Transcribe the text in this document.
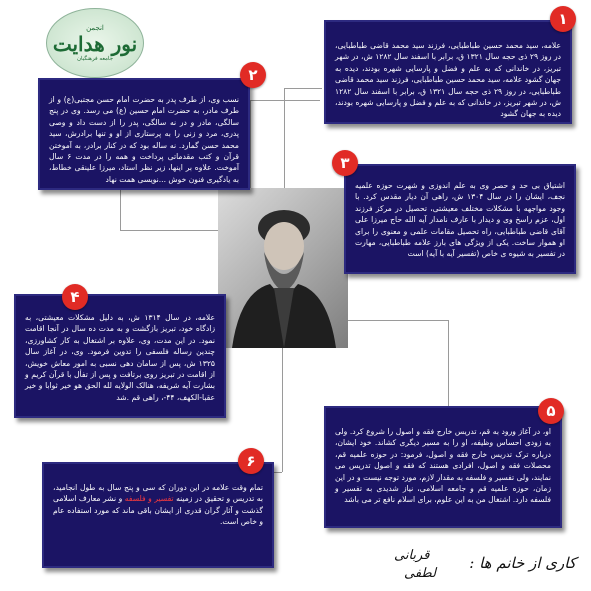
انجمن
نور هدایت
جامعه فرهنگیان
علامه، سید محمد حسین طباطبایی، فرزند سید محمد قاضی طباطبایی، در روز ۲۹ ذی حجه سال ۱۳۲۱ ق، برابر با اسفند سال ۱۲۸۲ ش، در شهر تبریز، در خاندانی که به علم و فضل و پارسایی شهره بودند، دیده به جهان گشود علامه، سید محمد حسین طباطبایی، فرزند سید محمد قاضی طباطبایی، در روز ۲۹ ذی حجه سال ۱۳۲۱ ق، برابر با اسفند سال ۱۲۸۲ ش، در شهر تبریز، در خاندانی که به علم و فضل و پارسایی شهره بودند، دیده به جهان گشود
۱
نسب وی، از طرف پدر به حضرت امام حسن مجتبی(ع) و از طرف مادر، به حضرت امام حسین (ع) می رسد. وی در پنج سالگی، مادر و در نه سالگی، پدر را از دست داد و وصی پدری، مرد و زنی را به پرستاری از او و تنها برادرش، سید محمد حسن گمارد. نه ساله بود که در کنار برادر، به آموختن قرآن و کتب مقدماتی پرداخت و همه را در مدت ۶ سال آموخت. علاوه بر اینها، زیر نظر استاد، میرزا علینقی خطاط، به یادگیری فنون خوش ...نویسی همت نهاد
۲
اشتیاق بی حد و حصر وی به علم اندوزی و شهرت حوزه علمیه نجف، ایشان را در سال ۱۳۰۴ ش، راهی آن دیار مقدس کرد. با وجود مواجهه با مشکلات مختلف معیشتی، تحصیل در مرکز فرزند اول، عزم راسخ وی و دیدار با عارف نامدار آیه الله حاج میرزا علی آقای قاضی طباطبایی، راه تحصیل مقامات علمی و معنوی را برای او هموار ساخت. یکی از ویژگی های بارز علامه طباطبایی، مهارت در تفسیر به شیوه ی خاص (تفسیر آیه با آیه) است
۳
علامه، در سال ۱۳۱۴ ش، به دلیل مشکلات معیشتی، به زادگاه خود، تبریز بازگشت و به مدت ده سال در آنجا اقامت نمود. در این مدت، وی، علاوه بر اشتغال به کار کشاورزی، چندین رساله فلسفی را تدوین فرمود. وی، در آغاز سال ۱۳۲۵ ش، پس از سامان دهی نسبی به امور معاش خویش، از اقامت در تبریز روی برتافت و پس از تفأل با قرآن کریم و بشارت آیه شریفه، هنالک الولایه لله الحق هو خیر ثوابا و خیر عقبا-الکهف، ۴۴-، راهی قم .شد
۴
او، در آغاز ورود به قم، تدریس خارج فقه و اصول را شروع کرد. ولی به زودی احساس وظیفه، او را به مسیر دیگری کشاند. خود ایشان، درباره ترک تدریس خارج فقه و اصول، فرمود: در حوزه علمیه قم، محصلات فقه و اصول، افرادی هستند که فقه و اصول تدریس می نمایند، ولی تفسیر و فلسفه به مقدار لازم، مورد توجه نیست و در این زمان، حوزه علمیه قم و جامعه اسلامی، نیاز شدیدی به تفسیر و فلسفه دارد. اشتغال من به این علوم، برای اسلام نافع تر می باشد
۵
تمام وقت علامه در این دوران که سی و پنج سال به طول انجامید، به تدریس و تحقیق در زمینه تفسیر و فلسفه و نشر معارف اسلامی گذشت و آثار گران قدری از ایشان باقی ماند که مورد استفاده عام و خاص است.
۶
کاری از خانم ها :
قربانی
لطفی
